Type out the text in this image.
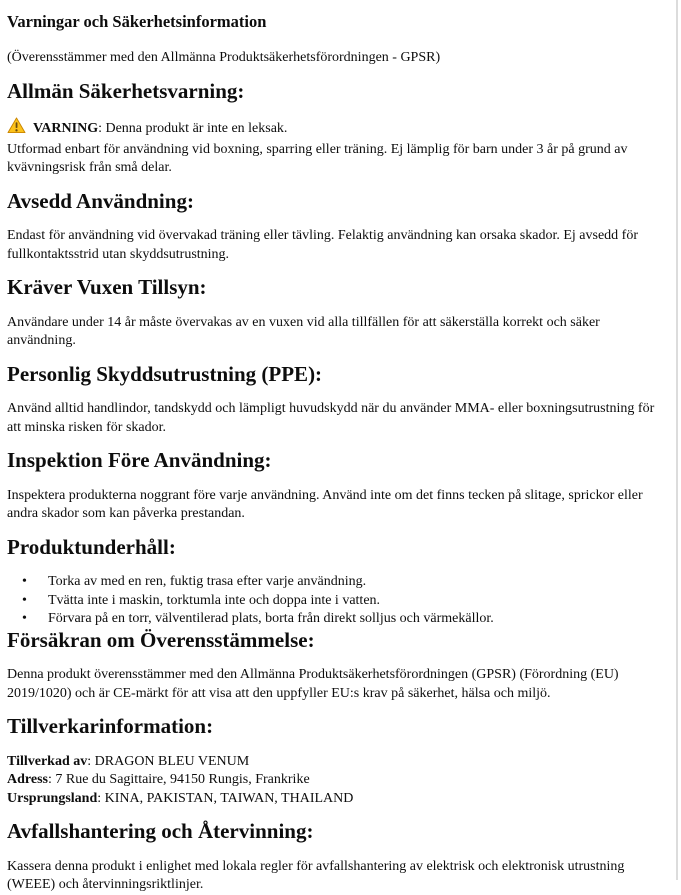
Varningar och Säkerhetsinformation

(Överensstämmer med den Allmänna Produktsäkerhetsförordningen - GPSR)

Allmän Säkerhetsvarning:

VARNING: Denna produkt är inte en leksak.

Utformad enbart för användning vid boxning, sparring eller träning. Ej lämplig för barn under 3 år på grund av kvävningsrisk från små delar.

Avsedd Användning:

Endast för användning vid övervakad träning eller tävling. Felaktig användning kan orsaka skador. Ej avsedd för fullkontaktsstrid utan skyddsutrustning.

Kräver Vuxen Tillsyn:

Användare under 14 år måste övervakas av en vuxen vid alla tillfällen för att säkerställa korrekt och säker användning.

Personlig Skyddsutrustning (PPE):

Använd alltid handlindor, tandskydd och lämpligt huvudskydd när du använder MMA- eller boxningsutrustning för att minska risken för skador.

Inspektion Före Användning:

Inspektera produkterna noggrant före varje användning. Använd inte om det finns tecken på slitage, sprickor eller andra skador som kan påverka prestandan.

Produktunderhåll:
• Torka av med en ren, fuktig trasa efter varje användning.
• Tvätta inte i maskin, torktumla inte och doppa inte i vatten.
• Förvara på en torr, välventilerad plats, borta från direkt solljus och värmekällor.
Försäkran om Överensstämmelse:

Denna produkt överensstämmer med den Allmänna Produktsäkerhetsförordningen (GPSR) (Förordning (EU) 2019/1020) och är CE-märkt för att visa att den uppfyller EU:s krav på säkerhet, hälsa och miljö.

Tillverkarinformation:

Tillverkad av: DRAGON BLEU VENUM

Adress: 7 Rue du Sagittaire, 94150 Rungis, Frankrike

Ursprungsland: KINA, PAKISTAN, TAIWAN, THAILAND

Avfallshantering och Återvinning:

Kassera denna produkt i enlighet med lokala regler för avfallshantering av elektrisk och elektronisk utrustning (WEEE) och återvinningsriktlinjer.
